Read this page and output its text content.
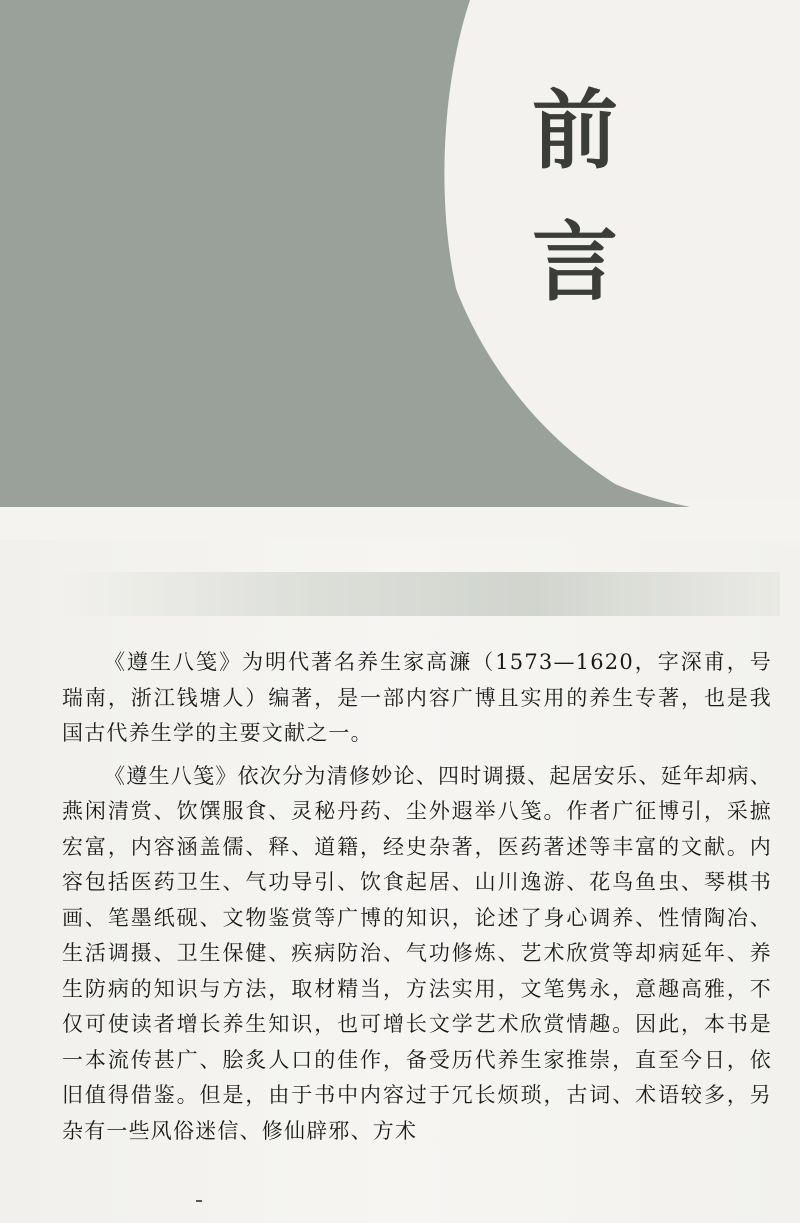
前
言

《遵生八笺》为明代著名养生家高濂（1573—1620，字深甫，号瑞南，浙江钱塘人）编著，是一部内容广博且实用的养生专著，也是我国古代养生学的主要文献之一。

《遵生八笺》依次分为清修妙论、四时调摄、起居安乐、延年却病、燕闲清赏、饮馔服食、灵秘丹药、尘外遐举八笺。作者广征博引，采摭宏富，内容涵盖儒、释、道籍，经史杂著，医药著述等丰富的文献。内容包括医药卫生、气功导引、饮食起居、山川逸游、花鸟鱼虫、琴棋书画、笔墨纸砚、文物鉴赏等广博的知识，论述了身心调养、性情陶冶、生活调摄、卫生保健、疾病防治、气功修炼、艺术欣赏等却病延年、养生防病的知识与方法，取材精当，方法实用，文笔隽永，意趣高雅，不仅可使读者增长养生知识，也可增长文学艺术欣赏情趣。因此，本书是一本流传甚广、脍炙人口的佳作，备受历代养生家推崇，直至今日，依旧值得借鉴。但是，由于书中内容过于冗长烦琐，古词、术语较多，另杂有一些风俗迷信、修仙辟邪、方术
